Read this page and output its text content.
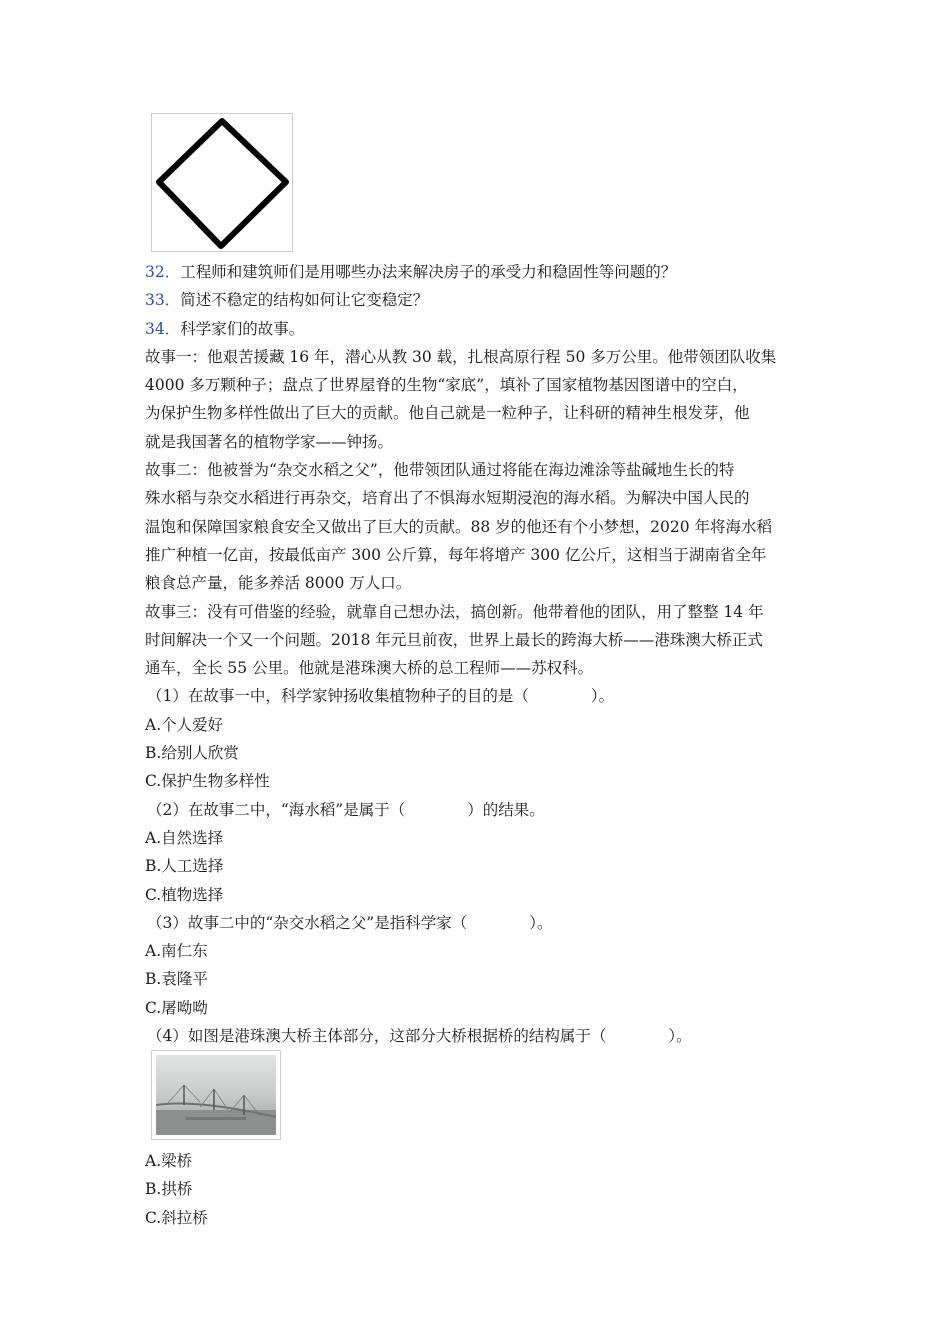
32．工程师和建筑师们是用哪些办法来解决房子的承受力和稳固性等问题的？
33．简述不稳定的结构如何让它变稳定？
34．科学家们的故事。
故事一：他艰苦援藏 16 年，潜心从教 30 载，扎根高原行程 50 多万公里。他带领团队收集
4000 多万颗种子；盘点了世界屋脊的生物“家底”，填补了国家植物基因图谱中的空白，
为保护生物多样性做出了巨大的贡献。他自己就是一粒种子，让科研的精神生根发芽，他
就是我国著名的植物学家——钟扬。
故事二：他被誉为“杂交水稻之父”，他带领团队通过将能在海边滩涂等盐碱地生长的特
殊水稻与杂交水稻进行再杂交，培育出了不惧海水短期浸泡的海水稻。为解决中国人民的
温饱和保障国家粮食安全又做出了巨大的贡献。88 岁的他还有个小梦想，2020 年将海水稻
推广种植一亿亩，按最低亩产 300 公斤算，每年将增产 300 亿公斤，这相当于湖南省全年
粮食总产量，能多养活 8000 万人口。
故事三：没有可借鉴的经验，就靠自己想办法，搞创新。他带着他的团队，用了整整 14 年
时间解决一个又一个问题。2018 年元旦前夜，世界上最长的跨海大桥——港珠澳大桥正式
通车，全长 55 公里。他就是港珠澳大桥的总工程师——苏权科。
（1）在故事一中，科学家钟扬收集植物种子的目的是（　　　　）。
A.个人爱好
B.给别人欣赏
C.保护生物多样性
（2）在故事二中，“海水稻”是属于（　　　　）的结果。
A.自然选择
B.人工选择
C.植物选择
（3）故事二中的“杂交水稻之父”是指科学家（　　　　）。
A.南仁东
B.袁隆平
C.屠呦呦
（4）如图是港珠澳大桥主体部分，这部分大桥根据桥的结构属于（　　　　）。
A.梁桥
B.拱桥
C.斜拉桥
